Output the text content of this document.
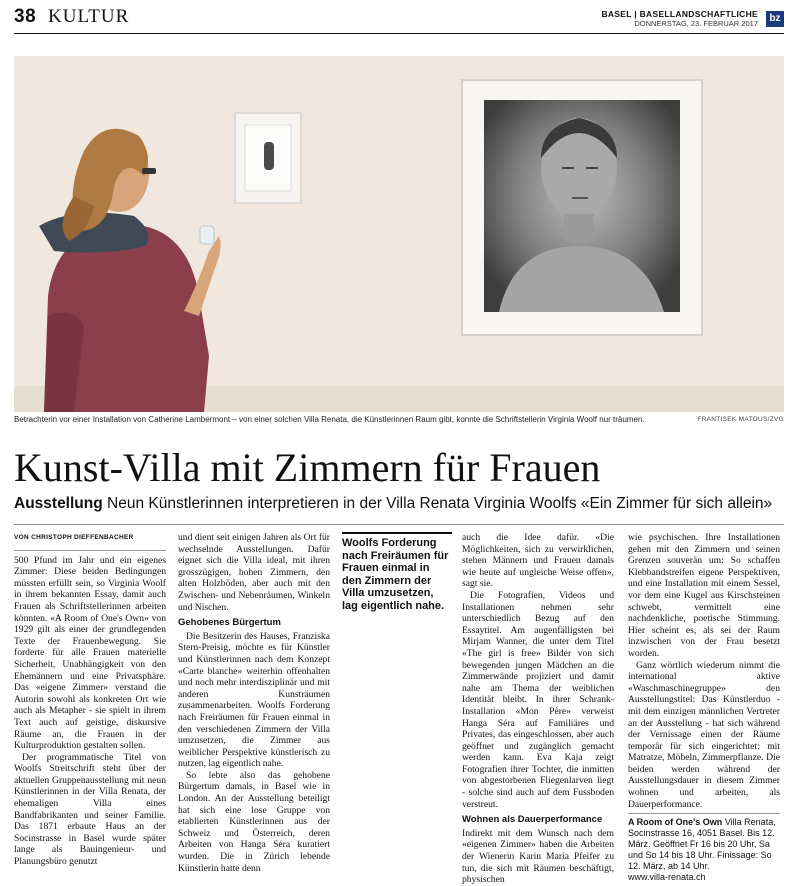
38 KULTUR	BASEL | BASELLANDSCHAFTLICHE
DONNERSTAG, 23. FEBRUAR 2017	bz
Betrachterin vor einer Installation von Catherine Lambermont – von einer solchen Villa Renata, die Künstlerinnen Raum gibt, konnte die Schriftstellerin Virginia Woolf nur träumen.	FRANTISEK MATOUS/ZVG
Kunst-Villa mit Zimmern für Frauen
Ausstellung Neun Künstlerinnen interpretieren in der Villa Renata Virginia Woolfs «Ein Zimmer für sich allein»
VON CHRISTOPH DIEFFENBACHER

500 Pfund im Jahr und ein eigenes Zimmer: Diese beiden Bedingungen müssten erfüllt sein, so Virginia Woolf in ihrem bekannten Essay, damit auch Frauen als Schriftstellerinnen arbeiten könnten. «A Room of One's Own» von 1929 gilt als einer der grundlegenden Texte der Frauenbewegung. Sie forderte für alle Frauen materielle Sicherheit, Unabhängigkeit von den Ehemännern und eine Privatsphäre. Das «eigene Zimmer» verstand die Autorin sowohl als konkreten Ort wie auch als Metapher - sie spielt in ihrem Text auch auf geistige, diskursive Räume an, die Frauen in der Kulturproduktion gestalten sollen.

Der programmatische Titel von Woolfs Streitschrift steht über der aktuellen Gruppenausstellung mit neun Künstlerinnen in der Villa Renata, der ehemaligen Villa eines Bandfabrikanten und seiner Familie. Das 1871 erbaute Haus an der Socinstrasse in Basel wurde später lange als Bauingenieur- und Planungsbüro genutzt

und dient seit einigen Jahren als Ort für wechselnde Ausstellungen. Dafür eignet sich die Villa ideal, mit ihren grosszügigen, hohen Zimmern, den alten Holzböden, aber auch mit den Zwischen- und Nebenräumen, Winkeln und Nischen.

Gehobenes Bürgertum

Die Besitzerin des Hauses, Franziska Stern-Preisig, möchte es für Künstler und Künstlerinnen nach dem Konzept «Carte blanche» weiterhin offenhalten und noch mehr interdisziplinär und mit anderen Kunsträumen zusammenarbeiten. Woolfs Forderung nach Freiräumen für Frauen einmal in den verschiedenen Zimmern der Villa umzusetzen, die Zimmer aus weiblicher Perspektive künstlerisch zu nutzen, lag eigentlich nahe.

So lebte also das gehobene Bürgertum damals, in Basel wie in London. An der Ausstellung beteiligt hat sich eine lose Gruppe von etablierten Künstlerinnen aus der Schweiz und Österreich, deren Arbeiten von Hanga Séra kuratiert wurden. Die in Zürich lebende Künstlerin hatte denn

Woolfs Forderung nach Freiräumen für Frauen einmal in den Zimmern der Villa umzusetzen, lag eigentlich nahe.

auch die Idee dafür. «Die Möglichkeiten, sich zu verwirklichen, stehen Männern und Frauen damals wie heute auf ungleiche Weise offen», sagt sie.

Die Fotografien, Videos und Installationen nehmen sehr unterschiedlich Bezug auf den Essaytitel. Am augenfälligsten bei Mirjam Wanner, die unter dem Titel «The girl is free» Bilder von sich bewegenden jungen Mädchen an die Zimmerwände projiziert und damit nahe am Thema der weiblichen Identität bleibt. In ihrer Schrank-Installation «Mon Père» verweist Hanga Séra auf Familiäres und Privates, das eingeschlossen, aber auch geöffnet und zugänglich gemacht werden kann. Eva Kaja zeigt Fotografien ihrer Tochter, die inmitten von abgestorbenen Fliegenlarven liegt - solche sind auch auf dem Fussboden verstreut.

Wohnen als Dauerperformance

Indirekt mit dem Wunsch nach dem «eigenen Zimmer» haben die Arbeiten der Wienerin Karin Maria Pfeifer zu tun, die sich mit Räumen beschäftigt, physischen

wie psychischen. Ihre Installationen gehen mit den Zimmern und seinen Grenzen souverän um: So schaffen Klebbandstreifen eigene Perspektiven, und eine Installation mit einem Sessel, vor dem eine Kugel aus Kirschsteinen schwebt, vermittelt eine nachdenkliche, poetische Stimmung. Hier scheint es, als sei der Raum inzwischen von der Frau besetzt worden.

Ganz wörtlich wiederum nimmt die international aktive «Waschmaschinegruppe» den Ausstellungstitel: Das Künstlerduo - mit dem einzigen männlichen Vertreter an der Ausstellung - hat sich während der Vernissage einen der Räume temporär für sich eingerichtet: mit Matratze, Möbeln, Zimmerpflanze. Die beiden werden während der Ausstellungsdauer in diesem Zimmer wohnen und arbeiten, als Dauerperformance.

A Room of One's Own Villa Renata, Socinstrasse 16, 4051 Basel. Bis 12. März. Geöffnet Fr 16 bis 20 Uhr, Sa und So 14 bis 18 Uhr. Finissage: So 12. März, ab 14 Uhr.
www.villa-renata.ch
